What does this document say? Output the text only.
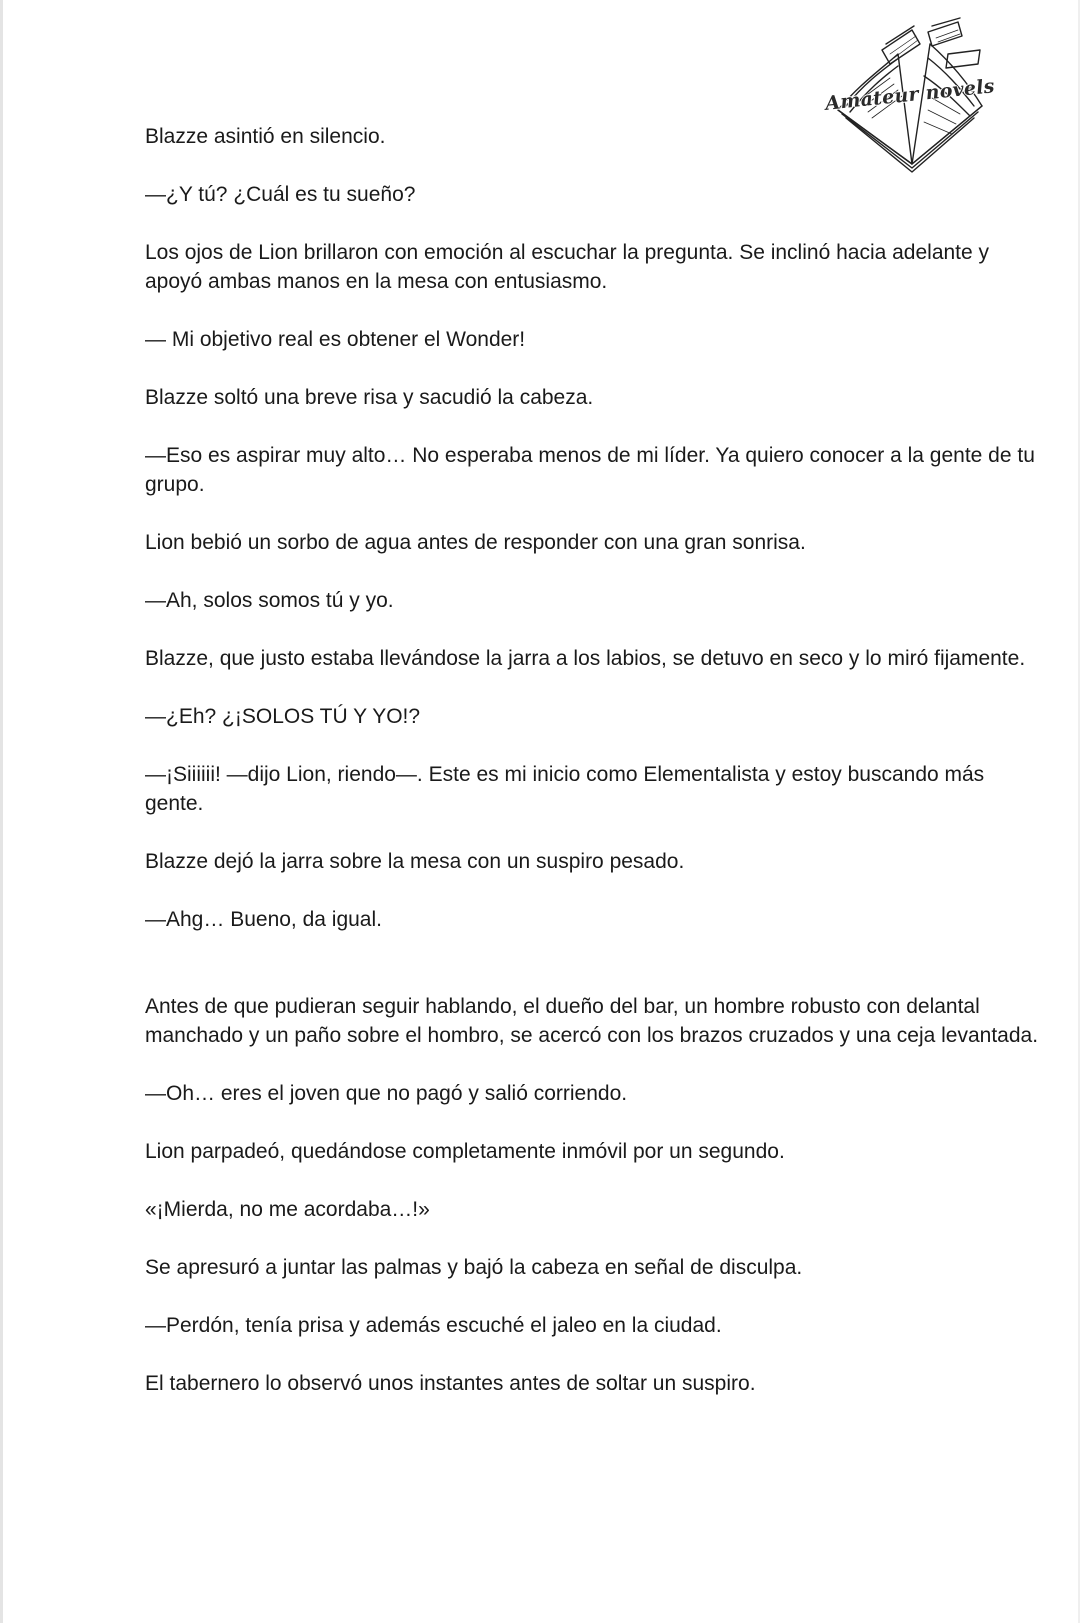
Amateur novels

Blazze asintió en silencio.

—¿Y tú? ¿Cuál es tu sueño?

Los ojos de Lion brillaron con emoción al escuchar la pregunta. Se inclinó hacia adelante y apoyó ambas manos en la mesa con entusiasmo.

— Mi objetivo real es obtener el Wonder!

Blazze soltó una breve risa y sacudió la cabeza.

—Eso es aspirar muy alto… No esperaba menos de mi líder. Ya quiero conocer a la gente de tu grupo.

Lion bebió un sorbo de agua antes de responder con una gran sonrisa.

—Ah, solos somos tú y yo.

Blazze, que justo estaba llevándose la jarra a los labios, se detuvo en seco y lo miró fijamente.

—¿Eh? ¿¡SOLOS TÚ Y YO!?

—¡Siiiiii! —dijo Lion, riendo—. Este es mi inicio como Elementalista y estoy buscando más gente.

Blazze dejó la jarra sobre la mesa con un suspiro pesado.

—Ahg… Bueno, da igual.

Antes de que pudieran seguir hablando, el dueño del bar, un hombre robusto con delantal manchado y un paño sobre el hombro, se acercó con los brazos cruzados y una ceja levantada.

—Oh… eres el joven que no pagó y salió corriendo.

Lion parpadeó, quedándose completamente inmóvil por un segundo.

«¡Mierda, no me acordaba…!»

Se apresuró a juntar las palmas y bajó la cabeza en señal de disculpa.

—Perdón, tenía prisa y además escuché el jaleo en la ciudad.

El tabernero lo observó unos instantes antes de soltar un suspiro.
